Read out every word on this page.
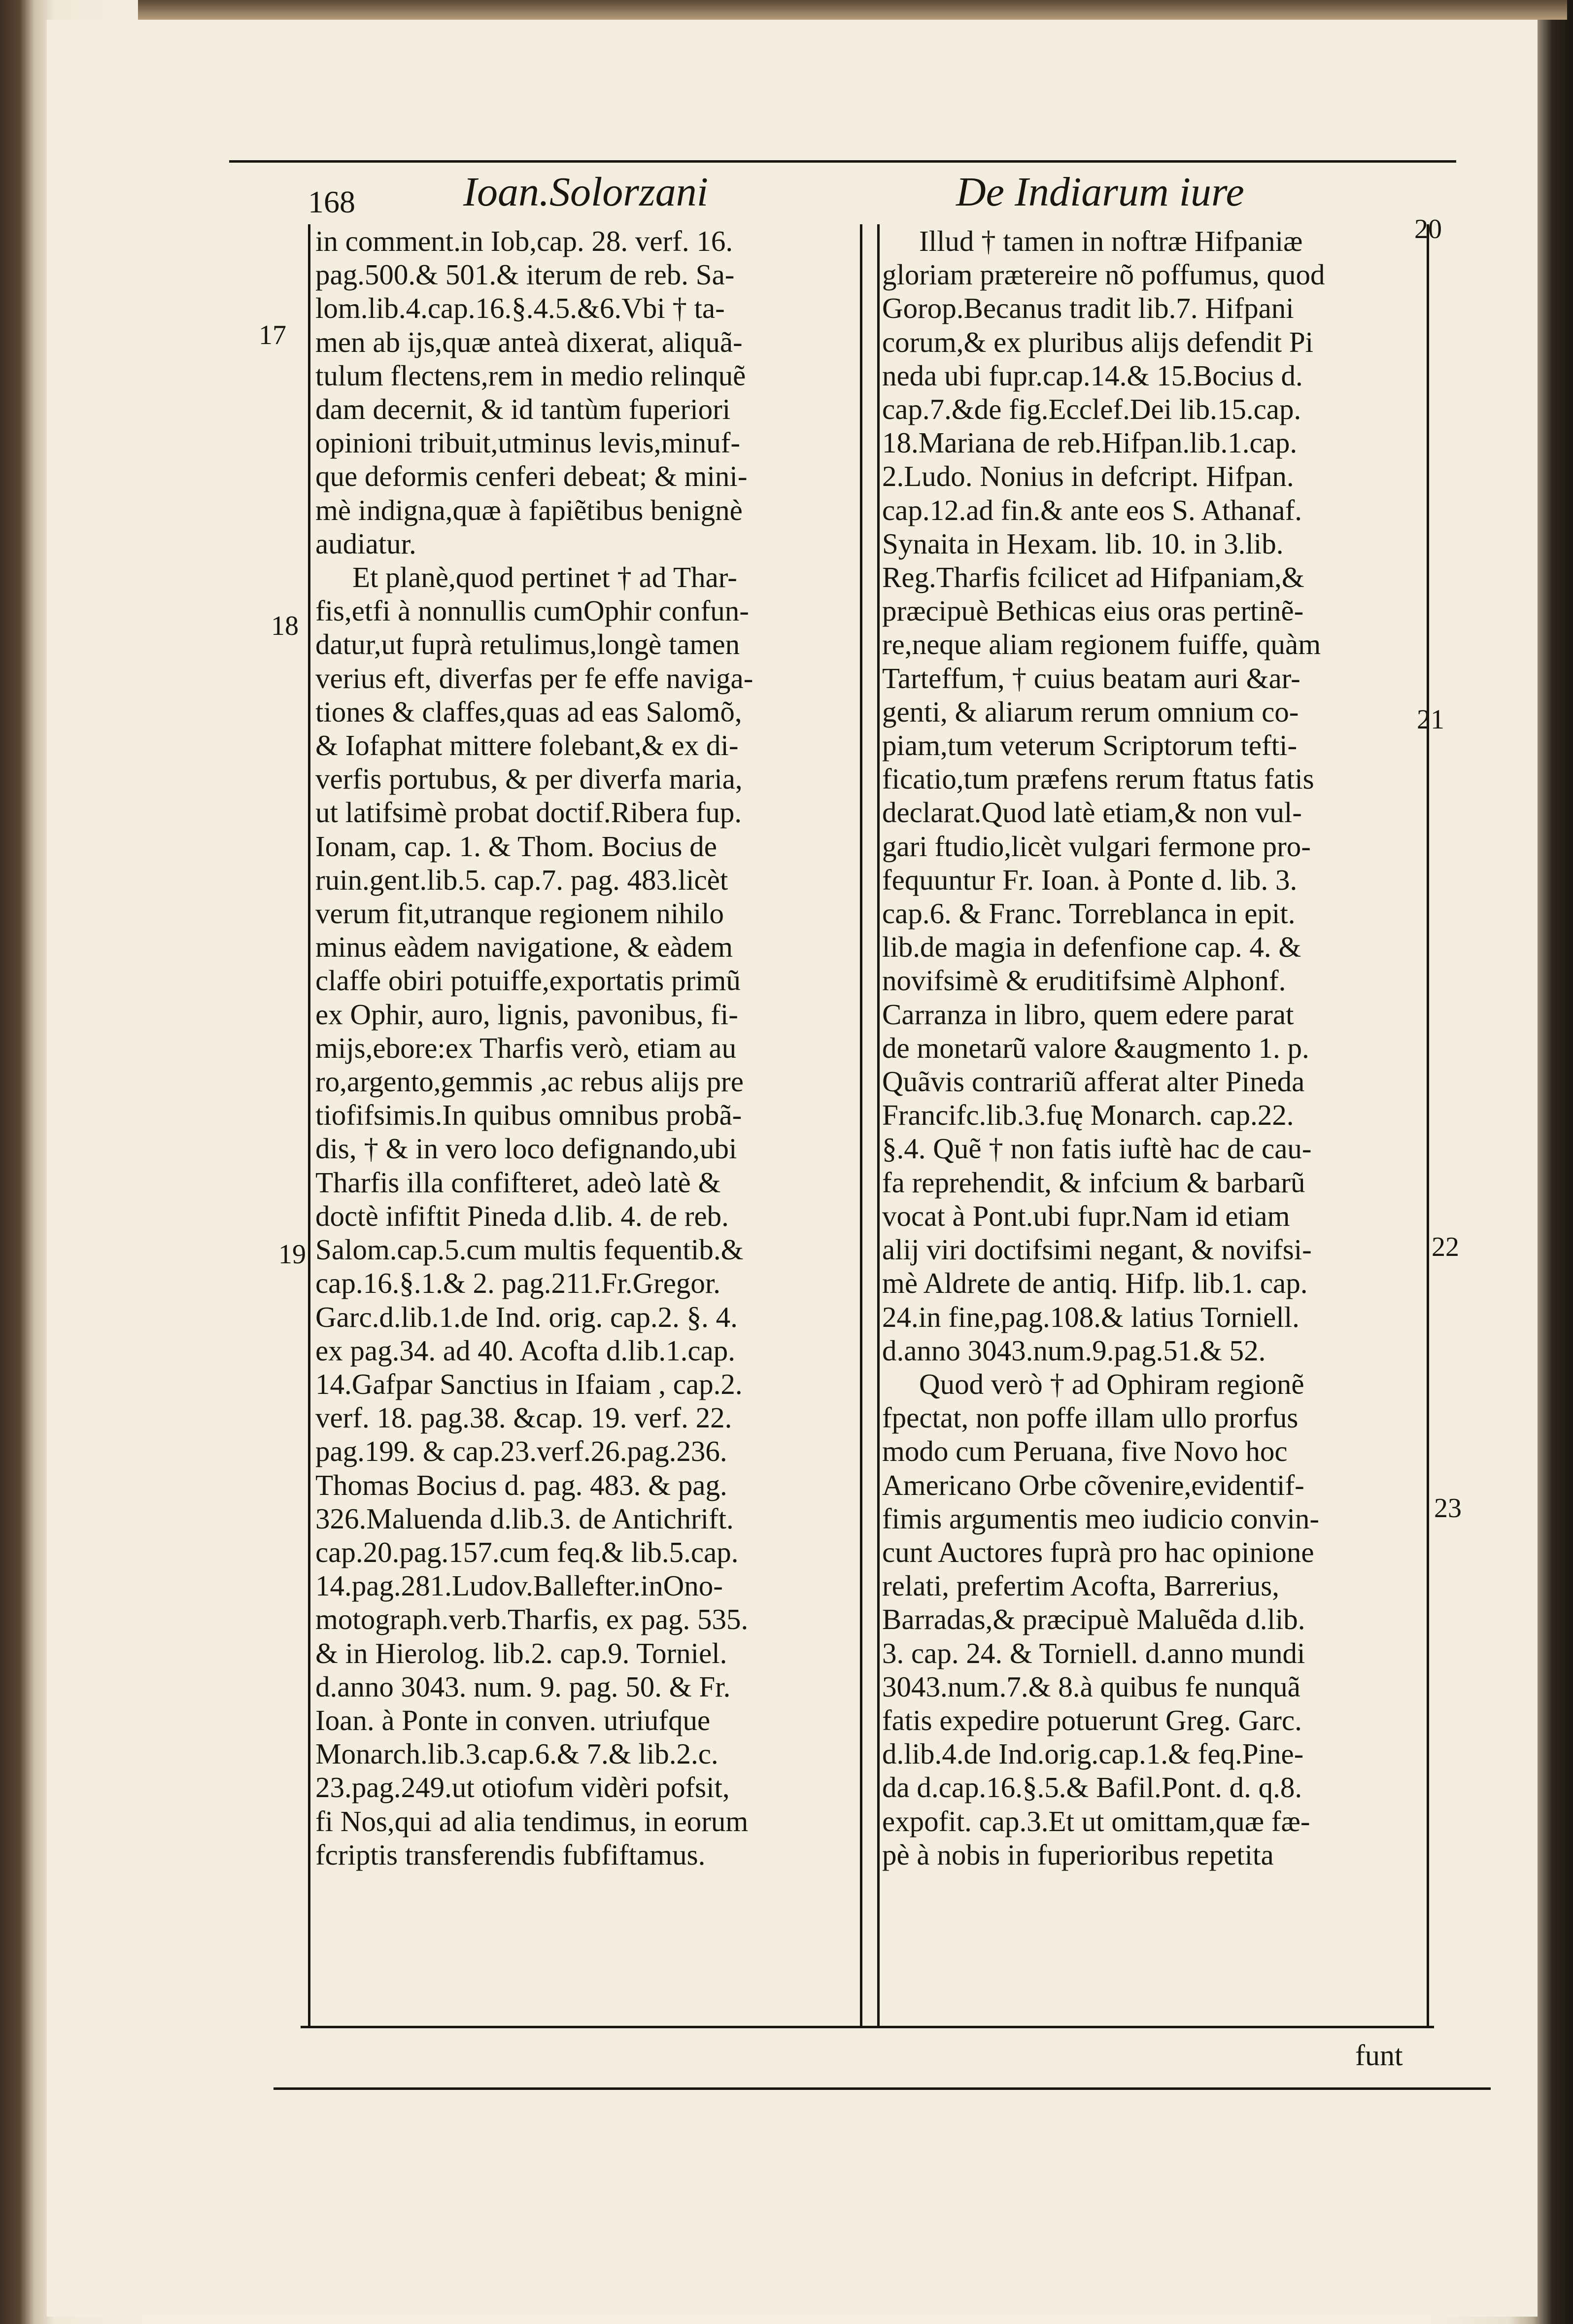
168	Ioan.Solorzani	De Indiarum iure

in comment.in Iob,cap. 28. verf. 16.
pag.500.& 501.& iterum de reb. Sa-
lom.lib.4.cap.16.§.4.5.&6.Vbi † ta-
men ab ijs,quæ anteà dixerat, aliquã-
tulum flectens,rem in medio relinquẽ
dam decernit, & id tantùm fuperiori
opinioni tribuit,utminus levis,minuf-
que deformis cenferi debeat; & mini-
mè indigna,quæ à fapiẽtibus benignè
audiatur.

Et planè,quod pertinet † ad Thar-
fis,etfi à nonnullis cumOphir confun-
datur,ut fuprà retulimus,longè tamen
verius eft, diverfas per fe effe naviga-
tiones & claffes,quas ad eas Salomõ,
& Iofaphat mittere folebant,& ex di-
verfis portubus, & per diverfa maria,
ut latifsimè probat doctif.Ribera fup.
Ionam, cap. 1. & Thom. Bocius de
ruin.gent.lib.5. cap.7. pag. 483.licèt
verum fit,utranque regionem nihilo
minus eàdem navigatione, & eàdem
claffe obiri potuiffe,exportatis primũ
ex Ophir, auro, lignis, pavonibus, fi-
mijs,ebore:ex Tharfis verò, etiam au
ro,argento,gemmis ,ac rebus alijs pre
tiofifsimis.In quibus omnibus probã-
dis, † & in vero loco defignando,ubi
Tharfis illa confifteret, adeò latè &
doctè infiftit Pineda d.lib. 4. de reb.
Salom.cap.5.cum multis fequentib.&
cap.16.§.1.& 2. pag.211.Fr.Gregor.
Garc.d.lib.1.de Ind. orig. cap.2. §. 4.
ex pag.34. ad 40. Acofta d.lib.1.cap.
14.Gafpar Sanctius in Ifaiam , cap.2.
verf. 18. pag.38. &cap. 19. verf. 22.
pag.199. & cap.23.verf.26.pag.236.
Thomas Bocius d. pag. 483. & pag.
326.Maluenda d.lib.3. de Antichrift.
cap.20.pag.157.cum feq.& lib.5.cap.
14.pag.281.Ludov.Ballefter.inOno-
motograph.verb.Tharfis, ex pag. 535.
& in Hierolog. lib.2. cap.9. Torniel.
d.anno 3043. num. 9. pag. 50. & Fr.
Ioan. à Ponte in conven. utriufque
Monarch.lib.3.cap.6.& 7.& lib.2.c.
23.pag.249.ut otiofum vidèri pofsit,
fi Nos,qui ad alia tendimus, in eorum
fcriptis transferendis fubfiftamus.

Illud † tamen in noftræ Hifpaniæ
gloriam prætereire nõ poffumus, quod
Gorop.Becanus tradit lib.7. Hifpani
corum,& ex pluribus alijs defendit Pi
neda ubi fupr.cap.14.& 15.Bocius d.
cap.7.&de fig.Ecclef.Dei lib.15.cap.
18.Mariana de reb.Hifpan.lib.1.cap.
2.Ludo. Nonius in defcript. Hifpan.
cap.12.ad fin.& ante eos S. Athanaf.
Synaita in Hexam. lib. 10. in 3.lib.
Reg.Tharfis fcilicet ad Hifpaniam,&
præcipuè Bethicas eius oras pertinẽ-
re,neque aliam regionem fuiffe, quàm
Tarteffum, † cuius beatam auri &ar-
genti, & aliarum rerum omnium co-
piam,tum veterum Scriptorum tefti-
ficatio,tum præfens rerum ftatus fatis
declarat.Quod latè etiam,& non vul-
gari ftudio,licèt vulgari fermone pro-
fequuntur Fr. Ioan. à Ponte d. lib. 3.
cap.6. & Franc. Torreblanca in epit.
lib.de magia in defenfione cap. 4. &
novifsimè & eruditifsimè Alphonf.
Carranza in libro, quem edere parat
de monetarũ valore &augmento 1. p.
Quãvis contrariũ afferat alter Pineda
Francifc.lib.3.fuę Monarch. cap.22.
§.4. Quẽ † non fatis iuftè hac de cau-
fa reprehendit, & infcium & barbarũ
vocat à Pont.ubi fupr.Nam id etiam
alij viri doctifsimi negant, & novifsi-
mè Aldrete de antiq. Hifp. lib.1. cap.
24.in fine,pag.108.& latius Torniell.
d.anno 3043.num.9.pag.51.& 52.

Quod verò † ad Ophiram regionẽ
fpectat, non poffe illam ullo prorfus
modo cum Peruana, five Novo hoc
Americano Orbe cõvenire,evidentif-
fimis argumentis meo iudicio convin-
cunt Auctores fuprà pro hac opinione
relati, prefertim Acofta, Barrerius,
Barradas,& præcipuè Maluẽda d.lib.
3. cap. 24. & Torniell. d.anno mundi
3043.num.7.& 8.à quibus fe nunquã
fatis expedire potuerunt Greg. Garc.
d.lib.4.de Ind.orig.cap.1.& feq.Pine-
da d.cap.16.§.5.& Bafil.Pont. d. q.8.
expofit. cap.3.Et ut omittam,quæ fæ-
pè à nobis in fuperioribus repetita

17
18
19
20
21
22
23
funt
